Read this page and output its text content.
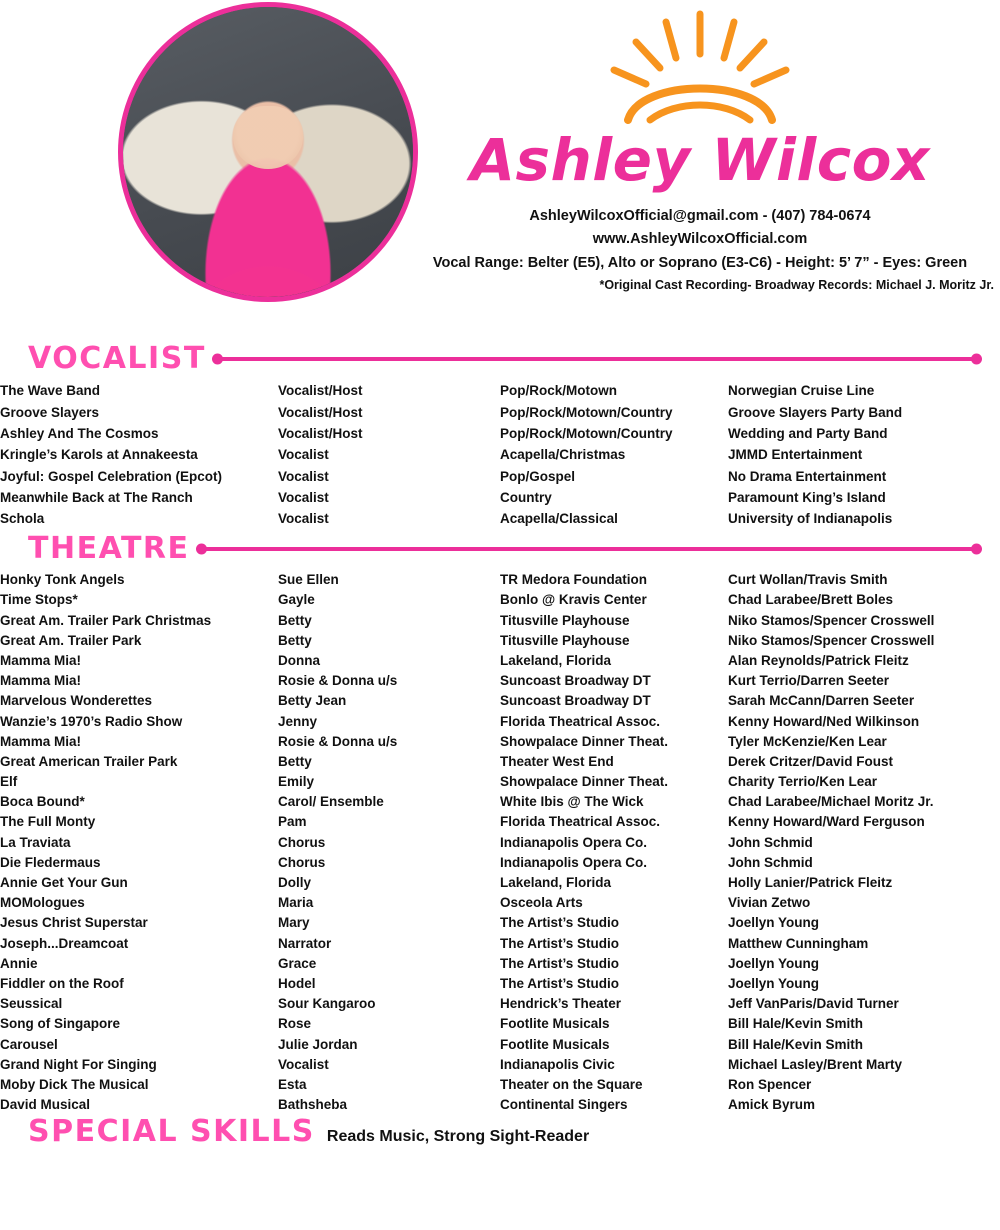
Ashley Wilcox
AshleyWilcoxOfficial@gmail.com - (407) 784-0674
www.AshleyWilcoxOfficial.com
Vocal Range: Belter (E5), Alto or Soprano (E3-C6) - Height: 5’ 7” - Eyes: Green
*Original Cast Recording- Broadway Records: Michael J. Moritz Jr.
VOCALIST
The Wave Band	Vocalist/Host	Pop/Rock/Motown	Norwegian Cruise Line
Groove Slayers	Vocalist/Host	Pop/Rock/Motown/Country	Groove Slayers Party Band
Ashley And The Cosmos	Vocalist/Host	Pop/Rock/Motown/Country	Wedding and Party Band
Kringle’s Karols at Annakeesta	Vocalist	Acapella/Christmas	JMMD Entertainment
Joyful: Gospel Celebration (Epcot)	Vocalist	Pop/Gospel	No Drama Entertainment
Meanwhile Back at The Ranch	Vocalist	Country	Paramount King’s Island
Schola	Vocalist	Acapella/Classical	University of Indianapolis
THEATRE
Honky Tonk Angels	Sue Ellen	TR Medora Foundation	Curt Wollan/Travis Smith
Time Stops*	Gayle	Bonlo @ Kravis Center	Chad Larabee/Brett Boles
Great Am. Trailer Park Christmas	Betty	Titusville Playhouse	Niko Stamos/Spencer Crosswell
Great Am. Trailer Park	Betty	Titusville Playhouse	Niko Stamos/Spencer Crosswell
Mamma Mia!	Donna	Lakeland, Florida	Alan Reynolds/Patrick Fleitz
Mamma Mia!	Rosie & Donna u/s	Suncoast Broadway DT	Kurt Terrio/Darren Seeter
Marvelous Wonderettes	Betty Jean	Suncoast Broadway DT	Sarah McCann/Darren Seeter
Wanzie’s 1970’s Radio Show	Jenny	Florida Theatrical Assoc.	Kenny Howard/Ned Wilkinson
Mamma Mia!	Rosie & Donna u/s	Showpalace Dinner Theat.	Tyler McKenzie/Ken Lear
Great American Trailer Park	Betty	Theater West End	Derek Critzer/David Foust
Elf	Emily	Showpalace Dinner Theat.	Charity Terrio/Ken Lear
Boca Bound*	Carol/ Ensemble	White Ibis @ The Wick	Chad Larabee/Michael Moritz Jr.
The Full Monty	Pam	Florida Theatrical Assoc.	Kenny Howard/Ward Ferguson
La Traviata	Chorus	Indianapolis Opera Co.	John Schmid
Die Fledermaus	Chorus	Indianapolis Opera Co.	John Schmid
Annie Get Your Gun	Dolly	Lakeland, Florida	Holly Lanier/Patrick Fleitz
MOMologues	Maria	Osceola Arts	Vivian Zetwo
Jesus Christ Superstar	Mary	The Artist’s Studio	Joellyn Young
Joseph...Dreamcoat	Narrator	The Artist’s Studio	Matthew Cunningham
Annie	Grace	The Artist’s Studio	Joellyn Young
Fiddler on the Roof	Hodel	The Artist’s Studio	Joellyn Young
Seussical	Sour Kangaroo	Hendrick’s Theater	Jeff VanParis/David Turner
Song of Singapore	Rose	Footlite Musicals	Bill Hale/Kevin Smith
Carousel	Julie Jordan	Footlite Musicals	Bill Hale/Kevin Smith
Grand Night For Singing	Vocalist	Indianapolis Civic	Michael Lasley/Brent Marty
Moby Dick The Musical	Esta	Theater on the Square	Ron Spencer
David Musical	Bathsheba	Continental Singers	Amick Byrum
SPECIAL SKILLS Reads Music, Strong Sight-Reader
